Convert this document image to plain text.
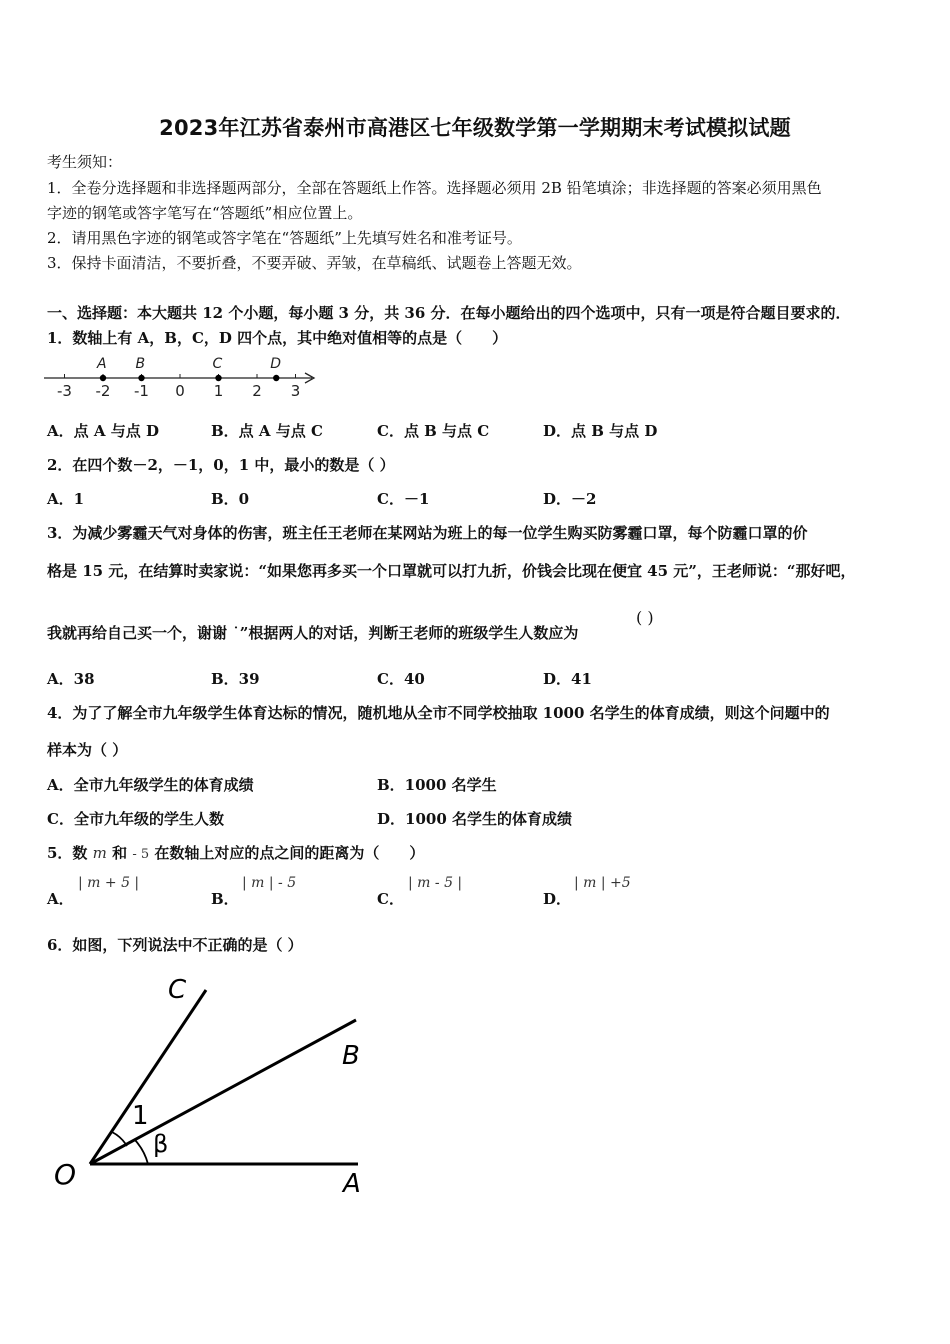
2023年江苏省泰州市高港区七年级数学第一学期期末考试模拟试题
考生须知：
1．全卷分选择题和非选择题两部分，全部在答题纸上作答。选择题必须用 2B 铅笔填涂；非选择题的答案必须用黑色
字迹的钢笔或答字笔写在“答题纸”相应位置上。
2．请用黑色字迹的钢笔或答字笔在“答题纸”上先填写姓名和准考证号。
3．保持卡面清洁，不要折叠，不要弄破、弄皱，在草稿纸、试题卷上答题无效。
一、选择题：本大题共 12 个小题，每小题 3 分，共 36 分．在每小题给出的四个选项中，只有一项是符合题目要求的．
1．数轴上有 A，B，C，D 四个点，其中绝对值相等的点是（　　）
-3 -2 -1 0 1 2 3
A B	C	D
A．点 A 与点 D	B．点 A 与点 C	C．点 B 与点 C	D．点 B 与点 D
2．在四个数－2，－1，0，1 中，最小的数是（ ）
A．1	B．0	C．－1	D．－2
3．为减少雾霾天气对身体的伤害，班主任王老师在某网站为班上的每一位学生购买防雾霾口罩，每个防霾口罩的价
格是 15 元，在结算时卖家说：“如果您再多买一个口罩就可以打九折，价钱会比现在便宜 45 元”，王老师说：“那好吧，
我就再给自己买一个，谢谢 ˙”根据两人的对话，判断王老师的班级学生人数应为
( )
A．38	B．39	C．40	D．41
4．为了了解全市九年级学生体育达标的情况，随机地从全市不同学校抽取 1000 名学生的体育成绩，则这个问题中的
样本为（ ）
A．全市九年级学生的体育成绩	B．1000 名学生
C．全市九年级的学生人数	D．1000 名学生的体育成绩
5．数 m 和 - 5 在数轴上对应的点之间的距离为（　　）
A．
| m + 5 |
B．
| m | - 5
C．
| m - 5 |
D．
| m | +5
6．如图，下列说法中不正确的是（ ）
O	A
B
C
1
β
